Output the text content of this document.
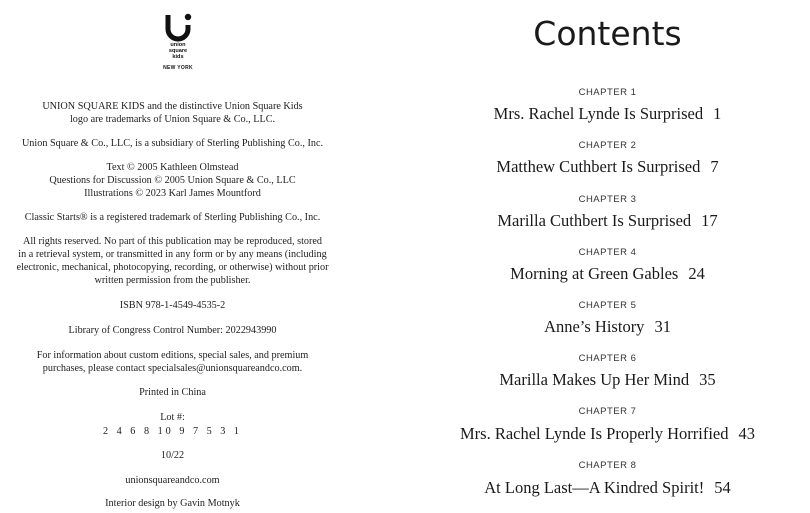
union
square
kids
NEW YORK
UNION SQUARE KIDS and the distinctive Union Square Kids
logo are trademarks of Union Square & Co., LLC.
Union Square & Co., LLC, is a subsidiary of Sterling Publishing Co., Inc.
Text © 2005 Kathleen Olmstead
Questions for Discussion © 2005 Union Square & Co., LLC
Illustrations © 2023 Karl James Mountford
Classic Starts® is a registered trademark of Sterling Publishing Co., Inc.
All rights reserved. No part of this publication may be reproduced, stored
in a retrieval system, or transmitted in any form or by any means (including
electronic, mechanical, photocopying, recording, or otherwise) without prior
written permission from the publisher.
ISBN 978-1-4549-4535-2
Library of Congress Control Number: 2022943990
For information about custom editions, special sales, and premium
purchases, please contact specialsales@unionsquareandco.com.
Printed in China
Lot #:
2 4 6 8 10 9 7 5 3 1
10/22
unionsquareandco.com
Interior design by Gavin Motnyk
Contents
CHAPTER 1
Mrs. Rachel Lynde Is Surprised 1
CHAPTER 2
Matthew Cuthbert Is Surprised 7
CHAPTER 3
Marilla Cuthbert Is Surprised 17
CHAPTER 4
Morning at Green Gables 24
CHAPTER 5
Anne’s History 31
CHAPTER 6
Marilla Makes Up Her Mind 35
CHAPTER 7
Mrs. Rachel Lynde Is Properly Horrified 43
CHAPTER 8
At Long Last—A Kindred Spirit! 54
